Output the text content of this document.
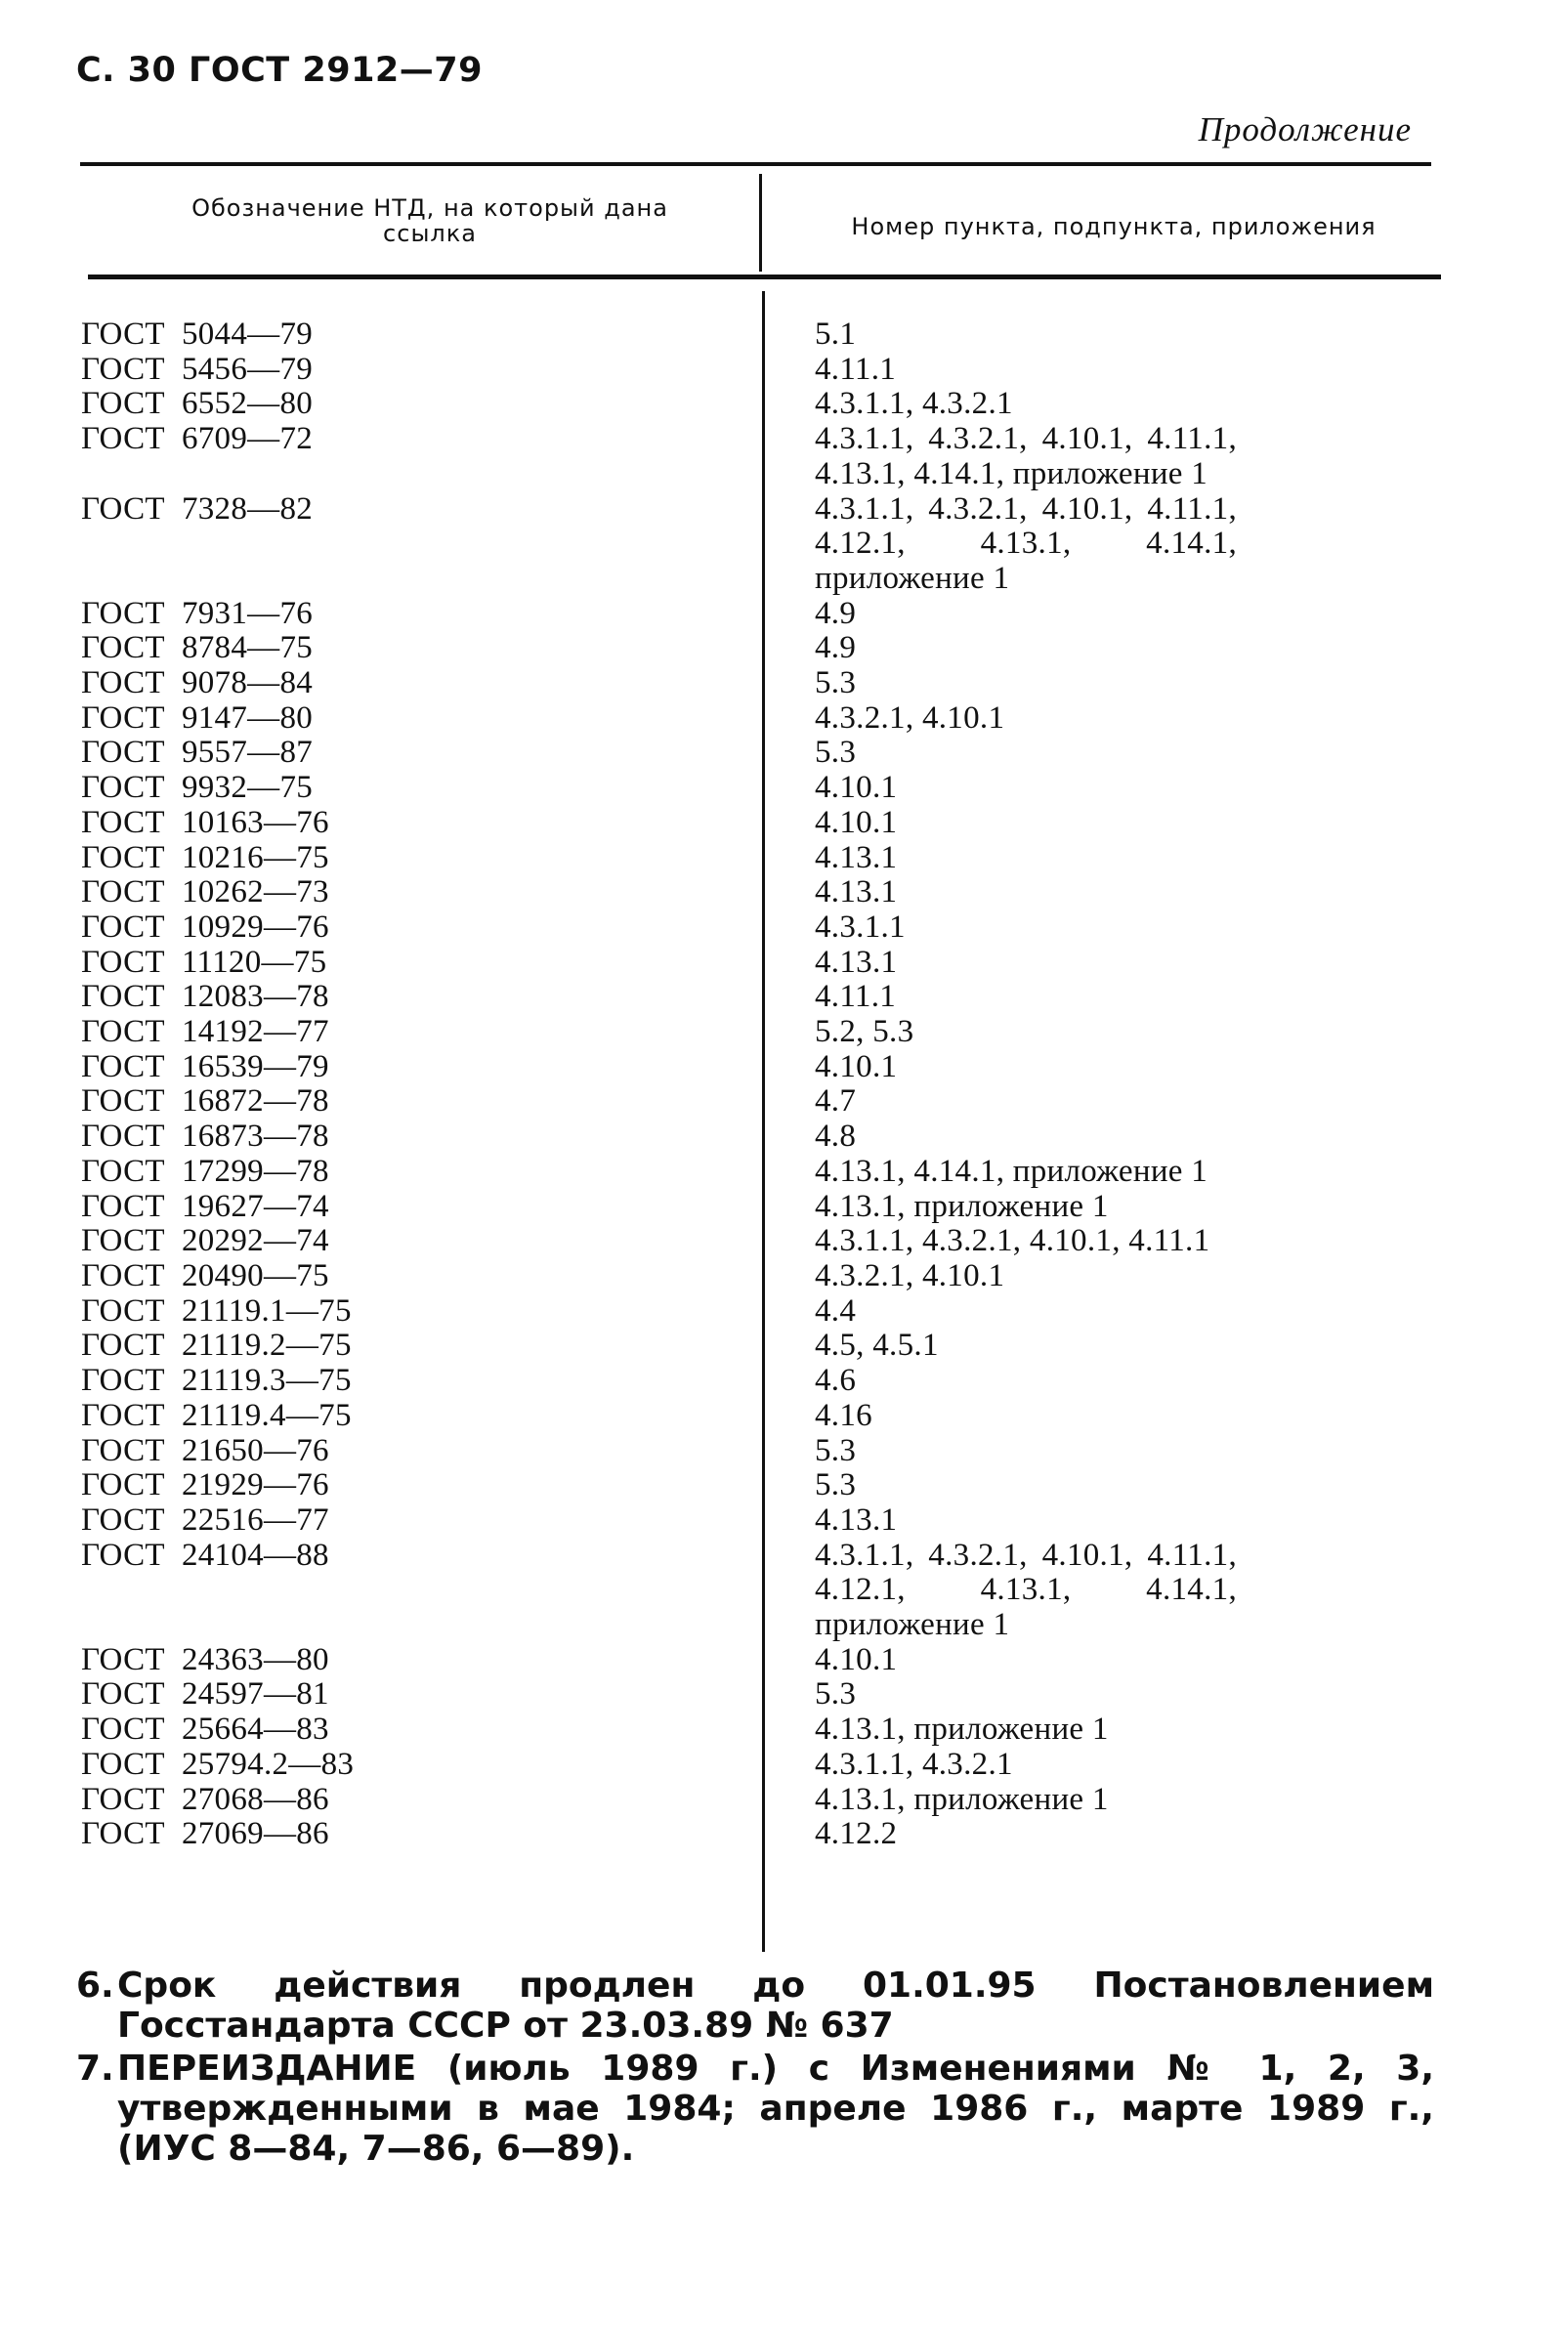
С. 30 ГОСТ 2912—79
Продолжение
Обозначение НТД, на который дана ссылка	Номер пункта, подпункта, приложения
ГОСТ  5044—79	5.1
ГОСТ  5456—79	4.11.1
ГОСТ  6552—80	4.3.1.1, 4.3.2.1
ГОСТ  6709—72	4.3.1.1, 4.3.2.1, 4.10.1, 4.11.1, 4.13.1, 4.14.1, приложение 1
ГОСТ  7328—82	4.3.1.1, 4.3.2.1, 4.10.1, 4.11.1, 4.12.1, 4.13.1, 4.14.1, приложение 1
ГОСТ  7931—76	4.9
ГОСТ  8784—75	4.9
ГОСТ  9078—84	5.3
ГОСТ  9147—80	4.3.2.1, 4.10.1
ГОСТ  9557—87	5.3
ГОСТ  9932—75	4.10.1
ГОСТ  10163—76	4.10.1
ГОСТ  10216—75	4.13.1
ГОСТ  10262—73	4.13.1
ГОСТ  10929—76	4.3.1.1
ГОСТ  11120—75	4.13.1
ГОСТ  12083—78	4.11.1
ГОСТ  14192—77	5.2, 5.3
ГОСТ  16539—79	4.10.1
ГОСТ  16872—78	4.7
ГОСТ  16873—78	4.8
ГОСТ  17299—78	4.13.1, 4.14.1, приложение 1
ГОСТ  19627—74	4.13.1, приложение 1
ГОСТ  20292—74	4.3.1.1, 4.3.2.1, 4.10.1, 4.11.1
ГОСТ  20490—75	4.3.2.1, 4.10.1
ГОСТ  21119.1—75	4.4
ГОСТ  21119.2—75	4.5, 4.5.1
ГОСТ  21119.3—75	4.6
ГОСТ  21119.4—75	4.16
ГОСТ  21650—76	5.3
ГОСТ  21929—76	5.3
ГОСТ  22516—77	4.13.1
ГОСТ  24104—88	4.3.1.1, 4.3.2.1, 4.10.1, 4.11.1, 4.12.1, 4.13.1, 4.14.1, приложение 1
ГОСТ  24363—80	4.10.1
ГОСТ  24597—81	5.3
ГОСТ  25664—83	4.13.1, приложение 1
ГОСТ  25794.2—83	4.3.1.1, 4.3.2.1
ГОСТ  27068—86	4.13.1, приложение 1
ГОСТ  27069—86	4.12.2
6. Срок действия продлен до 01.01.95 Постановлением Госстандарта СССР от 23.03.89 № 637
7. ПЕРЕИЗДАНИЕ (июль 1989 г.) с Изменениями № 1, 2, 3, утвержденными в мае 1984; апреле 1986 г., марте 1989 г., (ИУС 8—84, 7—86, 6—89).
